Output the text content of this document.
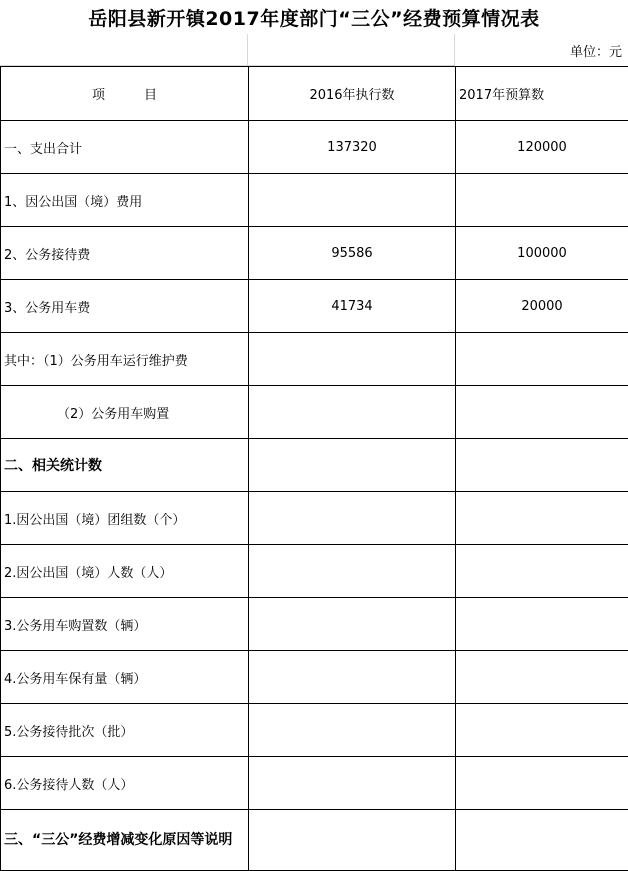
岳阳县新开镇2017年度部门“三公”经费预算情况表
单位：元
项　　　目	2016年执行数	2017年预算数
一、支出合计	137320	120000
1、因公出国（境）费用		
2、公务接待费	95586	100000
3、公务用车费	41734	20000
其中：（1）公务用车运行维护费		
（2）公务用车购置		
二、相关统计数		
1.因公出国（境）团组数（个）		
2.因公出国（境）人数（人）		
3.公务用车购置数（辆）		
4.公务用车保有量（辆）		
5.公务接待批次（批）		
6.公务接待人数（人）		
三、“三公”经费增减变化原因等说明		
